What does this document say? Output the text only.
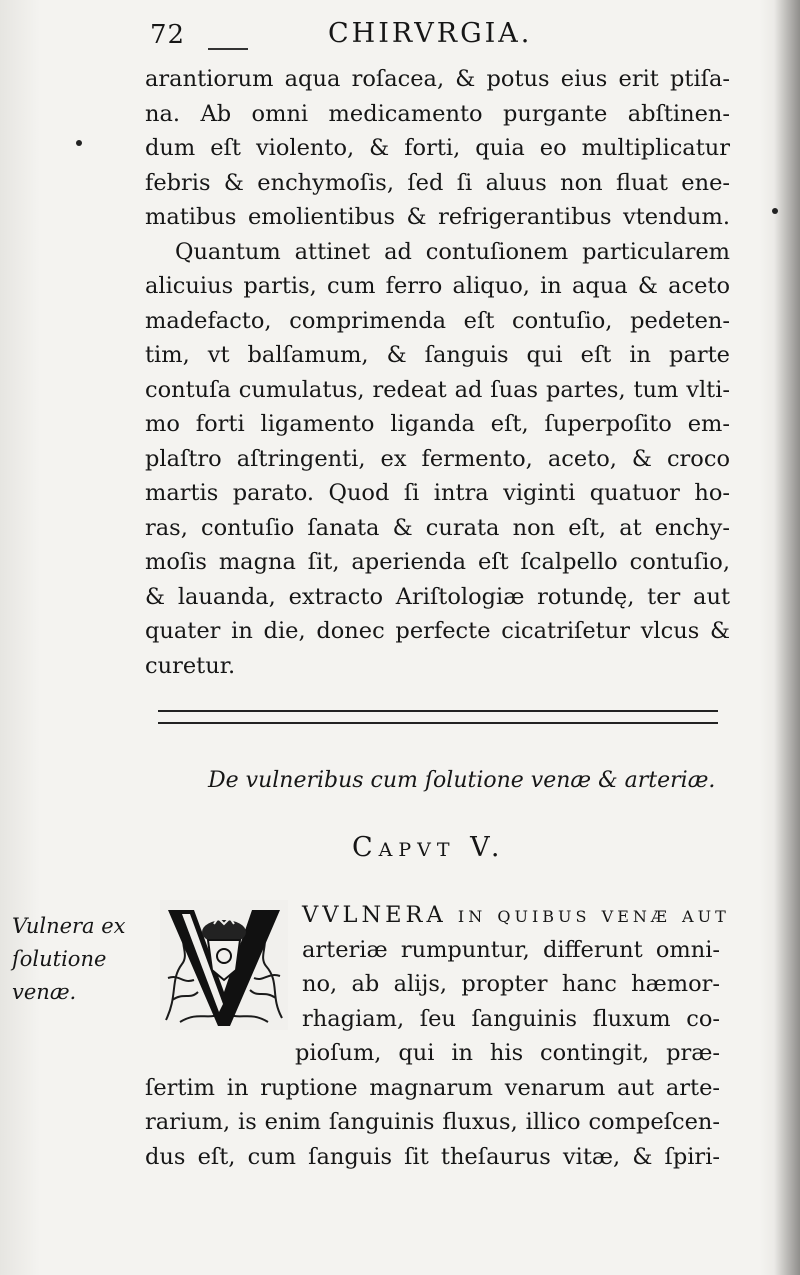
72	CHIRVRGIA.
arantiorum aqua roſacea, & potus eius erit ptiſa-
na. Ab omni medicamento purgante abſtinen-
dum eſt violento, & forti, quia eo multiplicatur
febris & enchymoſis, ſed ſi aluus non fluat ene-
matibus emolientibus & refrigerantibus vtendum.
Quantum attinet ad contuſionem particularem
alicuius partis, cum ferro aliquo, in aqua & aceto
madefacto, comprimenda eſt contuſio, pedeten-
tim, vt balſamum, & ſanguis qui eſt in parte
contuſa cumulatus, redeat ad ſuas partes, tum vlti-
mo forti ligamento liganda eſt, ſuperpoſito em-
plaſtro aſtringenti, ex fermento, aceto, & croco
martis parato. Quod ſi intra viginti quatuor ho-
ras, contuſio ſanata & curata non eſt, at enchy-
moſis magna ſit, aperienda eſt ſcalpello contuſio,
& lauanda, extracto Ariſtologiæ rotundę, ter aut
quater in die, donec perfecte cicatriſetur vlcus &
curetur.
De vulneribus cum ſolutione venæ & arteriæ.
Capvt V.
Vulnera ex
ſolutione
venæ.
VVLNERA in quibus venæ aut
arteriæ rumpuntur, differunt omni-
no, ab alijs, propter hanc hæmor-
rhagiam, ſeu ſanguinis fluxum co-
pioſum, qui in his contingit, præ-
ſertim in ruptione magnarum venarum aut arte-
rarium, is enim ſanguinis fluxus, illico compeſcen-
dus eſt, cum ſanguis ſit theſaurus vitæ, & ſpiri-
